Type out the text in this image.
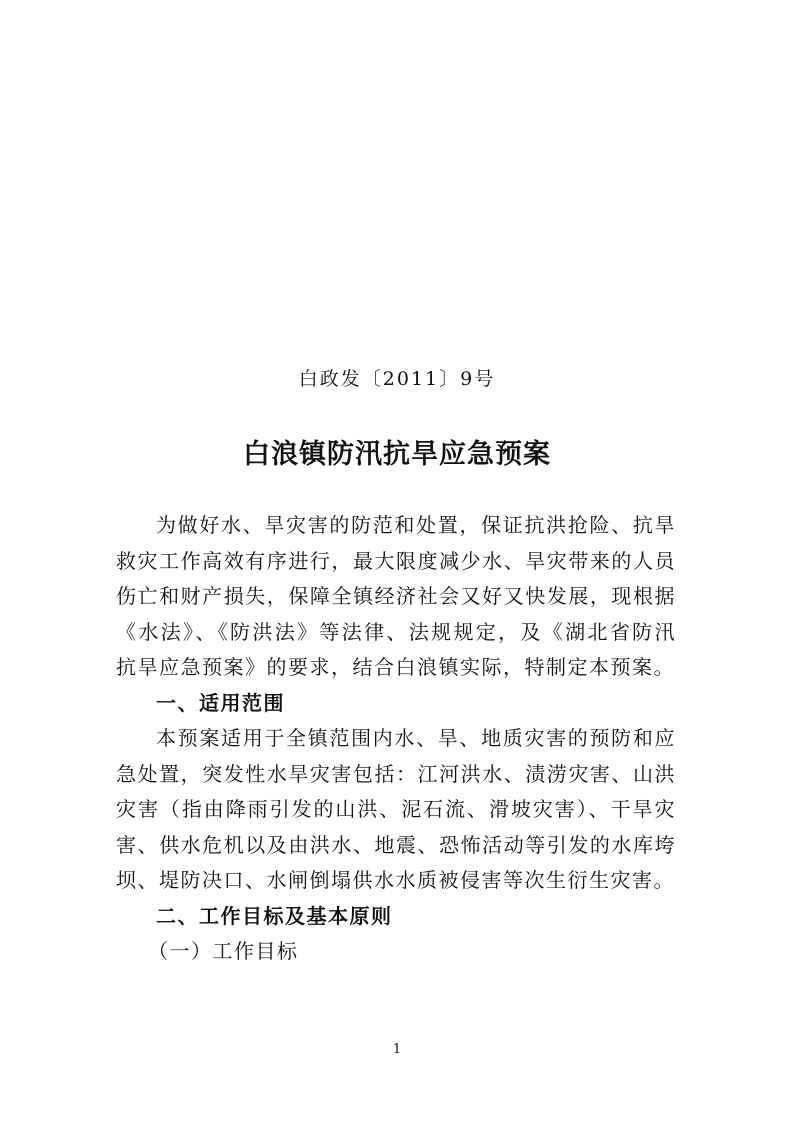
白政发〔2011〕9号
白浪镇防汛抗旱应急预案

为做好水、旱灾害的防范和处置，保证抗洪抢险、抗旱救灾工作高效有序进行，最大限度减少水、旱灾带来的人员伤亡和财产损失，保障全镇经济社会又好又快发展，现根据《水法》、《防洪法》等法律、法规规定，及《湖北省防汛抗旱应急预案》的要求，结合白浪镇实际，特制定本预案。

一、适用范围

本预案适用于全镇范围内水、旱、地质灾害的预防和应急处置，突发性水旱灾害包括：江河洪水、渍涝灾害、山洪灾害（指由降雨引发的山洪、泥石流、滑坡灾害）、干旱灾害、供水危机以及由洪水、地震、恐怖活动等引发的水库垮坝、堤防决口、水闸倒塌供水水质被侵害等次生衍生灾害。

二、工作目标及基本原则

（一）工作目标

1
